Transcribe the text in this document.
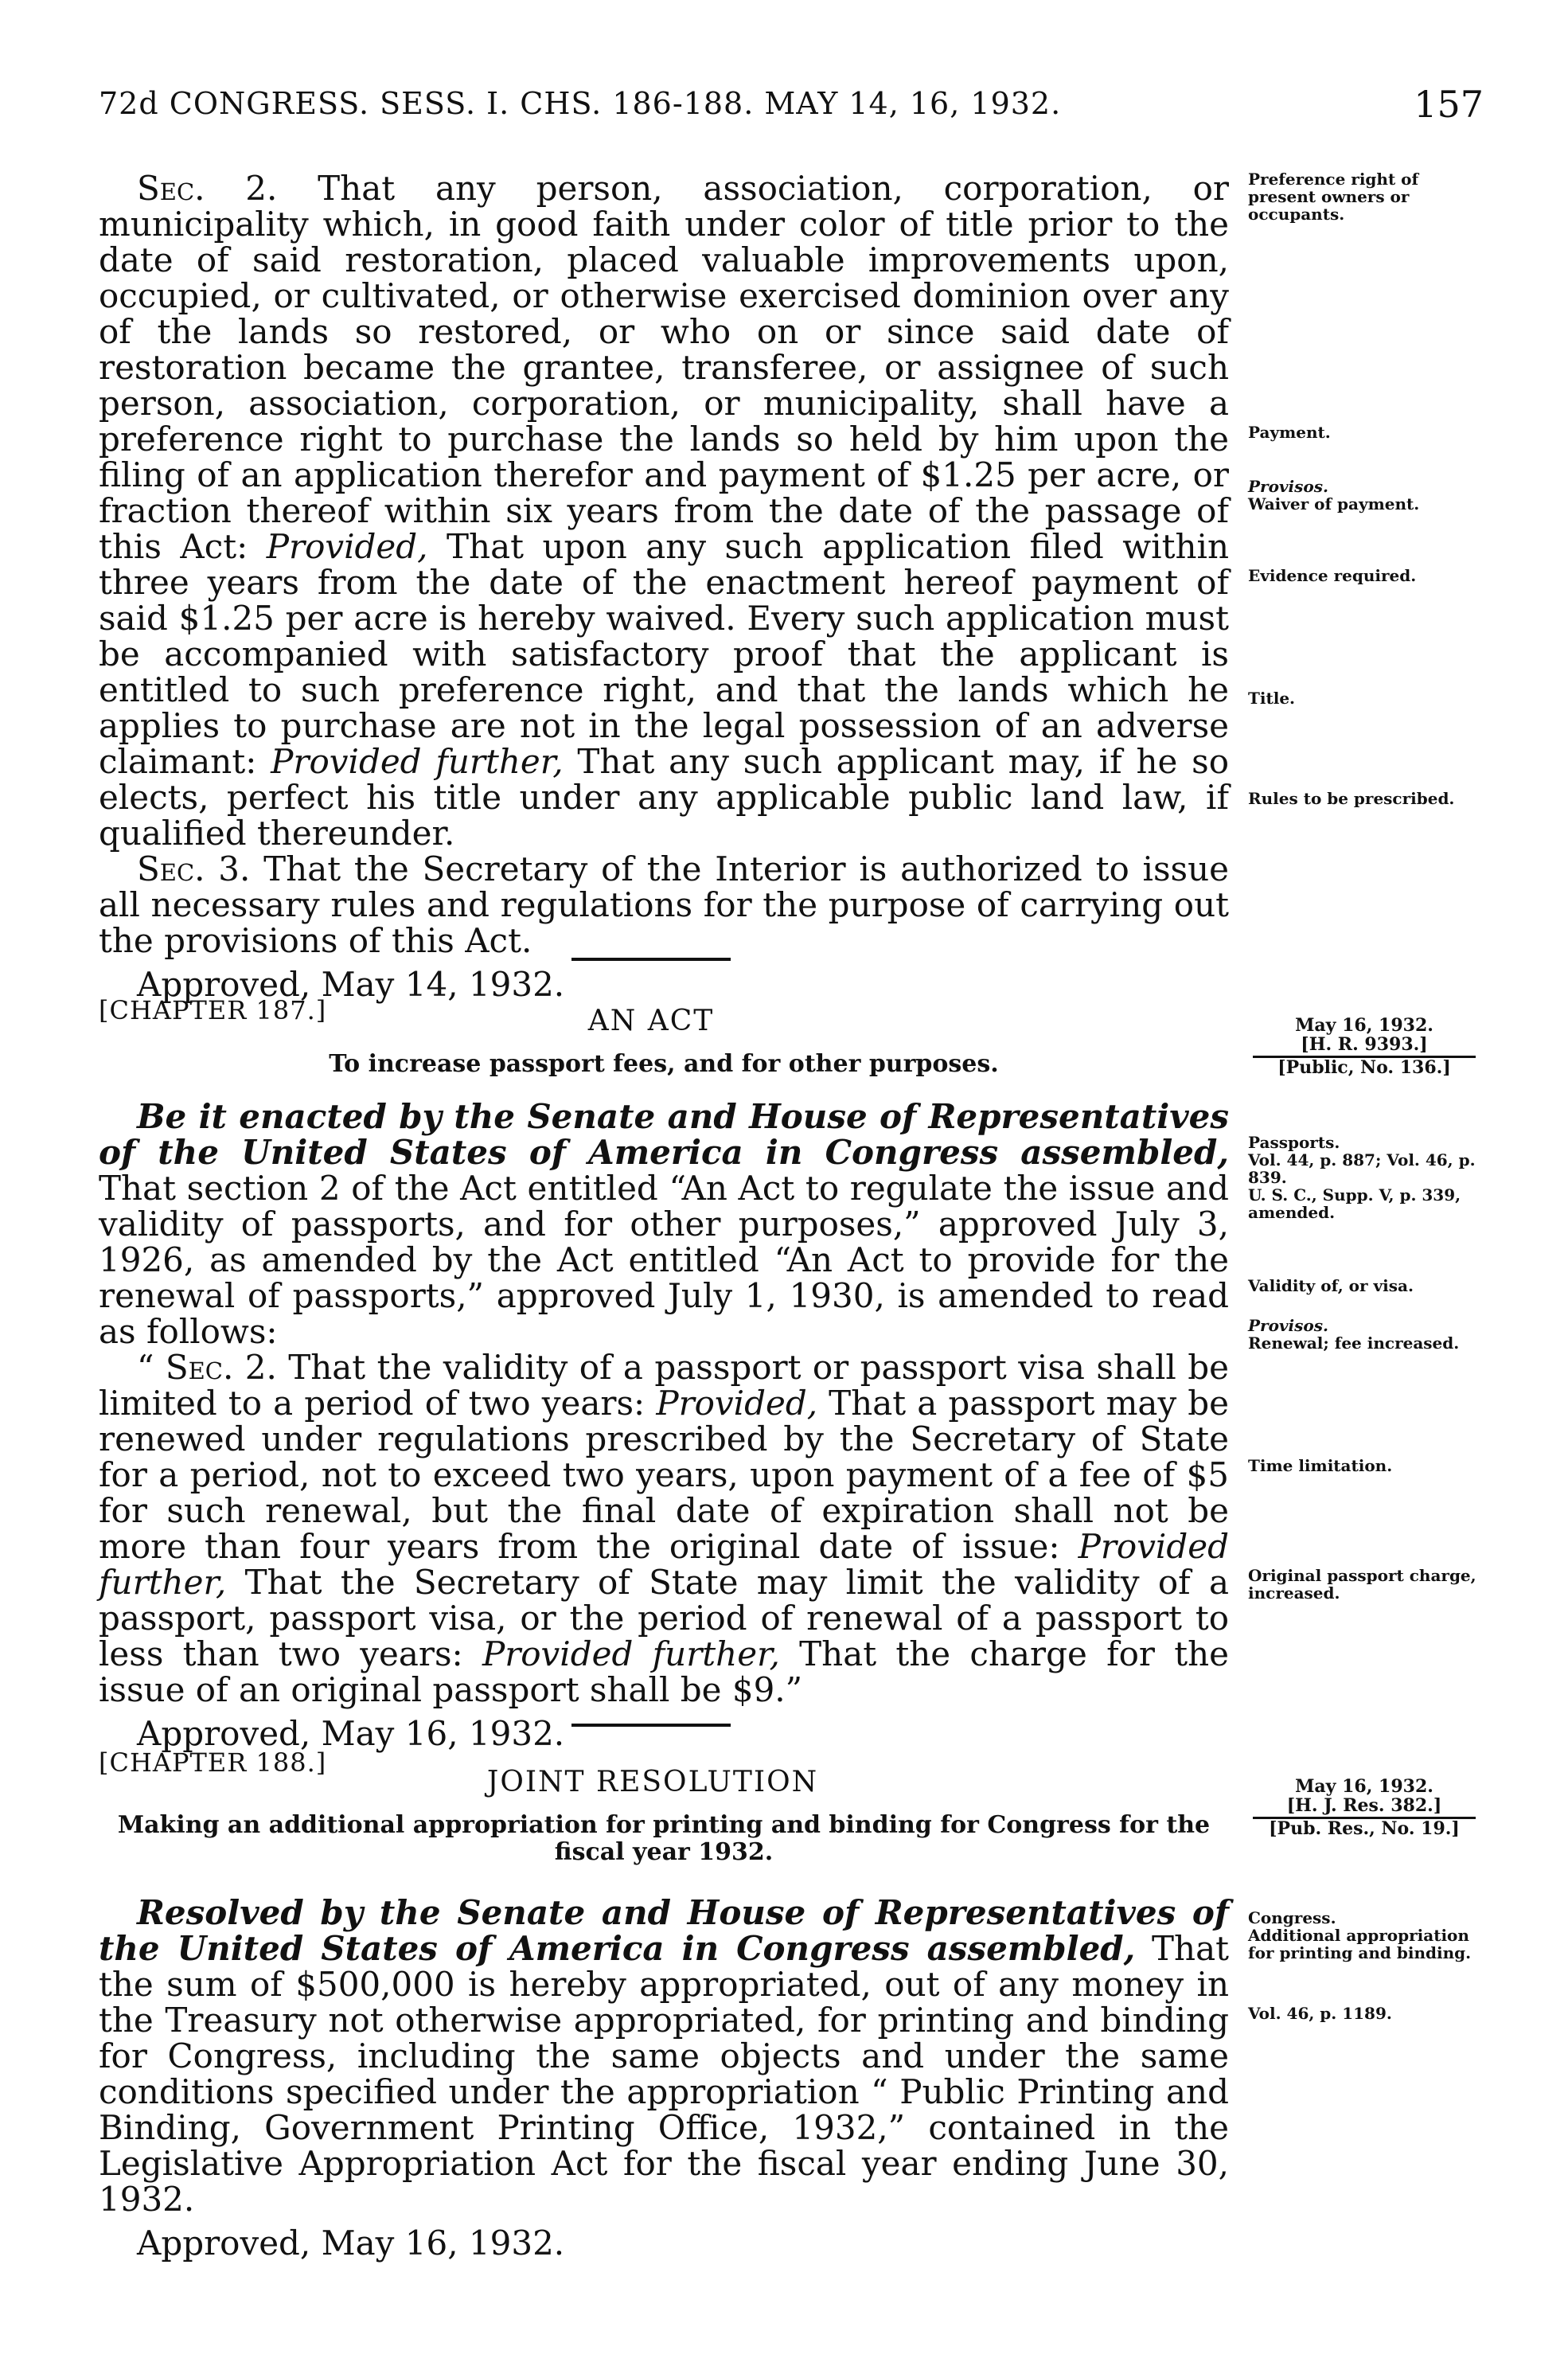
72d CONGRESS. SESS. I. CHS. 186-188. MAY 14, 16, 1932.	157

Sec. 2. That any person, association, corporation, or municipality which, in good faith under color of title prior to the date of said restoration, placed valuable improvements upon, occupied, or cultivated, or otherwise exercised dominion over any of the lands so restored, or who on or since said date of restoration became the grantee, transferee, or assignee of such person, association, corporation, or municipality, shall have a preference right to purchase the lands so held by him upon the filing of an application therefor and payment of $1.25 per acre, or fraction thereof within six years from the date of the passage of this Act: Provided, That upon any such application filed within three years from the date of the enactment hereof payment of said $1.25 per acre is hereby waived. Every such application must be accompanied with satisfactory proof that the applicant is entitled to such preference right, and that the lands which he applies to purchase are not in the legal possession of an adverse claimant: Provided further, That any such applicant may, if he so elects, perfect his title under any applicable public land law, if qualified thereunder.

Sec. 3. That the Secretary of the Interior is authorized to issue all necessary rules and regulations for the purpose of carrying out the provisions of this Act.

Approved, May 14, 1932.

Preference right of present owners or occupants.
Payment.
Provisos.
Waiver of payment.
Evidence required.
Title.
Rules to be prescribed.
[CHAPTER 187.]	AN ACT
To increase passport fees, and for other purposes.
May 16, 1932.
[H. R. 9393.]
[Public, No. 136.]

Be it enacted by the Senate and House of Representatives of the United States of America in Congress assembled, That section 2 of the Act entitled “An Act to regulate the issue and validity of passports, and for other purposes,” approved July 3, 1926, as amended by the Act entitled “An Act to provide for the renewal of passports,” approved July 1, 1930, is amended to read as follows:

“ Sec. 2. That the validity of a passport or passport visa shall be limited to a period of two years: Provided, That a passport may be renewed under regulations prescribed by the Secretary of State for a period, not to exceed two years, upon payment of a fee of $5 for such renewal, but the final date of expiration shall not be more than four years from the original date of issue: Provided further, That the Secretary of State may limit the validity of a passport, passport visa, or the period of renewal of a passport to less than two years: Provided further, That the charge for the issue of an original passport shall be $9.”

Approved, May 16, 1932.

Passports.
Vol. 44, p. 887; Vol. 46, p. 839.
U. S. C., Supp. V, p. 339, amended.
Validity of, or visa.
Provisos.
Renewal; fee increased.
Time limitation.
Original passport charge, increased.
[CHAPTER 188.]
JOINT RESOLUTION
Making an additional appropriation for printing and binding for Congress for the fiscal year 1932.
May 16, 1932.
[H. J. Res. 382.]
[Pub. Res., No. 19.]

Resolved by the Senate and House of Representatives of the United States of America in Congress assembled, That the sum of $500,000 is hereby appropriated, out of any money in the Treasury not otherwise appropriated, for printing and binding for Congress, including the same objects and under the same conditions specified under the appropriation “ Public Printing and Binding, Government Printing Office, 1932,” contained in the Legislative Appropriation Act for the fiscal year ending June 30, 1932.

Approved, May 16, 1932.

Congress.
Additional appropriation for printing and binding.
Vol. 46, p. 1189.
